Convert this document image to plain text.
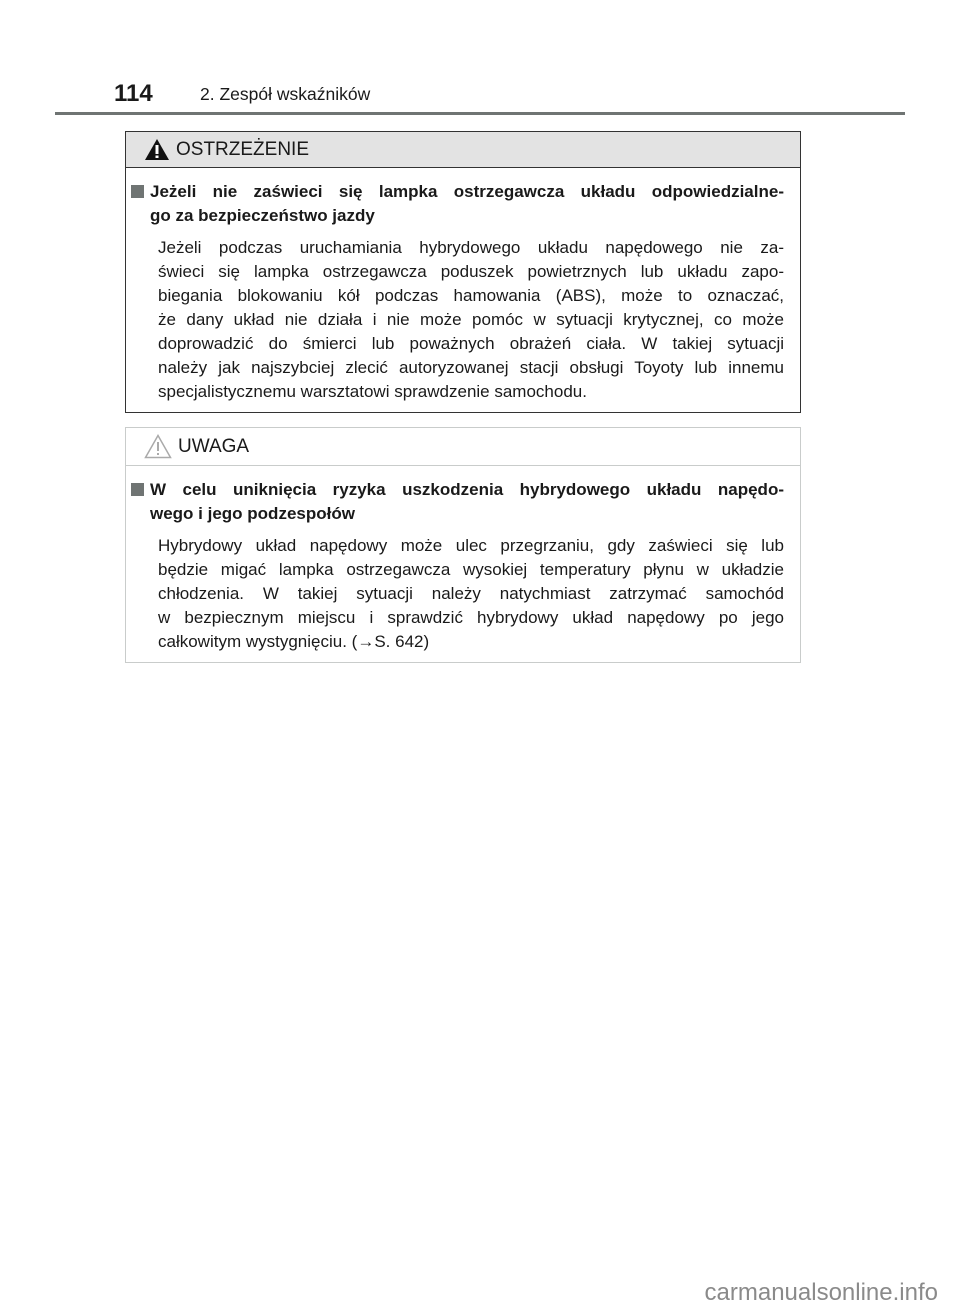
114	2. Zespół wskaźników
OSTRZEŻENIE
Jeżeli nie zaświeci się lampka ostrzegawcza układu odpowiedzialne-
go za bezpieczeństwo jazdy
Jeżeli podczas uruchamiania hybrydowego układu napędowego nie za-
świeci się lampka ostrzegawcza poduszek powietrznych lub układu zapo-
biegania blokowaniu kół podczas hamowania (ABS), może to oznaczać,
że dany układ nie działa i nie może pomóc w sytuacji krytycznej, co może
doprowadzić do śmierci lub poważnych obrażeń ciała. W takiej sytuacji
należy jak najszybciej zlecić autoryzowanej stacji obsługi Toyoty lub innemu
specjalistycznemu warsztatowi sprawdzenie samochodu.
UWAGA
W celu uniknięcia ryzyka uszkodzenia hybrydowego układu napędo-
wego i jego podzespołów
Hybrydowy układ napędowy może ulec przegrzaniu, gdy zaświeci się lub
będzie migać lampka ostrzegawcza wysokiej temperatury płynu w układzie
chłodzenia. W takiej sytuacji należy natychmiast zatrzymać samochód
w bezpiecznym miejscu i sprawdzić hybrydowy układ napędowy po jego
całkowitym wystygnięciu. (→S. 642)
carmanualsonline.info
